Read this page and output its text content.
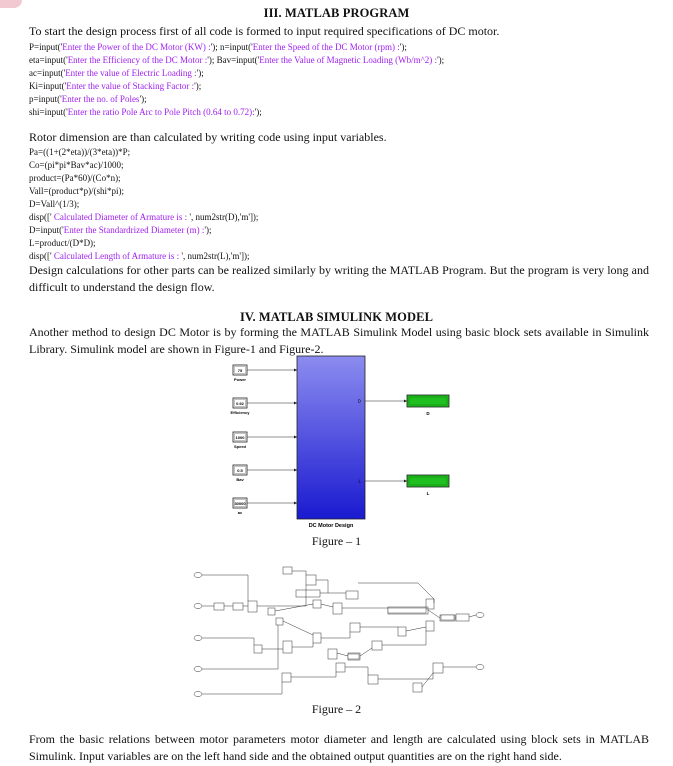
III. MATLAB PROGRAM
To start the design process first of all code is formed to input required specifications of DC motor.
P=input('Enter the Power of the DC Motor (KW) :'); n=input('Enter the Speed of the DC Motor (rpm) :');
eta=input('Enter the Efficiency of the DC Motor :'); Bav=input('Enter the Value of Magnetic Loading (Wb/m^2) :');
ac=input('Enter the value of Electric Loading :');
Ki=input('Enter the value of Stacking Factor :');
p=input('Enter the no. of Poles');
shi=input('Enter the ratio Pole Arc to Pole Pitch (0.64 to 0.72):');
Rotor dimension are than calculated by writing code using input variables.
Pa=((1+(2*eta))/(3*eta))*P;
Co=(pi*pi*Bav*ac)/1000;
product=(Pa*60)/(Co*n);
Vall=(product*p)/(shi*pi);
D=Vall^(1/3);
disp([' Calculated Diameter of Armature is : ', num2str(D),'m']);
D=input('Enter the Standardrized Diameter (m) :');
L=product/(D*D);
disp([' Calculated Length of Armature is : ', num2str(L),'m']);
Design calculations for other parts can be realized similarly by writing the MATLAB Program. But the program is very long and difficult to understand the design flow.
IV. MATLAB SIMULINK MODEL
Another method to design DC Motor is by forming the MATLAB Simulink Model using basic block sets available in Simulink Library. Simulink model are shown in Figure-1 and Figure-2.
75
Power
0.92
Efficiency
1000
Speed
0.5
Bav
30000
ac
DC Motor Design
D
D
L
L
Figure – 1
Figure – 2
From the basic relations between motor parameters motor diameter and length are calculated using block sets in MATLAB Simulink. Input variables are on the left hand side and the obtained output quantities are on the right hand side.
